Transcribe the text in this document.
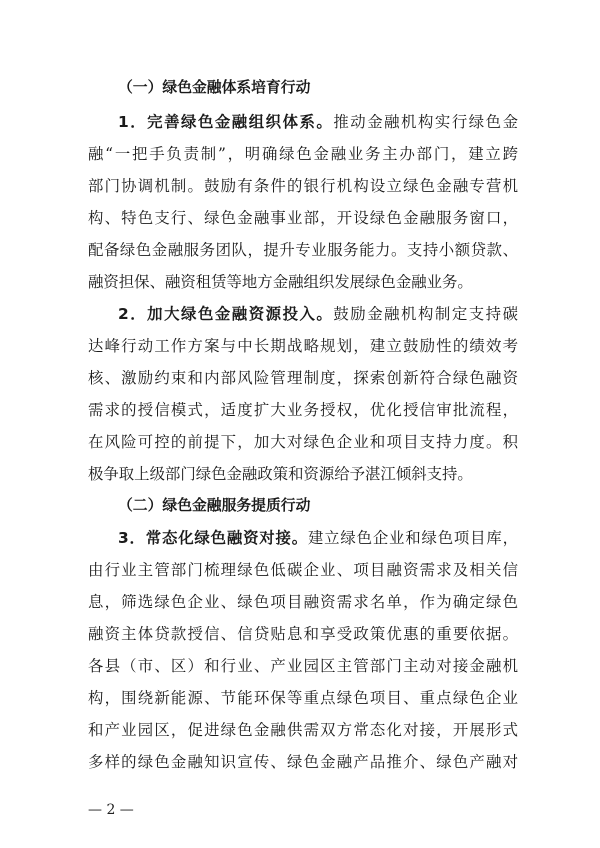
（一）绿色金融体系培育行动
1．完善绿色金融组织体系。推动金融机构实行绿色金
融“一把手负责制”，明确绿色金融业务主办部门，建立跨
部门协调机制。鼓励有条件的银行机构设立绿色金融专营机
构、特色支行、绿色金融事业部，开设绿色金融服务窗口，
配备绿色金融服务团队，提升专业服务能力。支持小额贷款、
融资担保、融资租赁等地方金融组织发展绿色金融业务。
2．加大绿色金融资源投入。鼓励金融机构制定支持碳
达峰行动工作方案与中长期战略规划，建立鼓励性的绩效考
核、激励约束和内部风险管理制度，探索创新符合绿色融资
需求的授信模式，适度扩大业务授权，优化授信审批流程，
在风险可控的前提下，加大对绿色企业和项目支持力度。积
极争取上级部门绿色金融政策和资源给予湛江倾斜支持。
（二）绿色金融服务提质行动
3．常态化绿色融资对接。建立绿色企业和绿色项目库，
由行业主管部门梳理绿色低碳企业、项目融资需求及相关信
息，筛选绿色企业、绿色项目融资需求名单，作为确定绿色
融资主体贷款授信、信贷贴息和享受政策优惠的重要依据。
各县（市、区）和行业、产业园区主管部门主动对接金融机
构，围绕新能源、节能环保等重点绿色项目、重点绿色企业
和产业园区，促进绿色金融供需双方常态化对接，开展形式
多样的绿色金融知识宣传、绿色金融产品推介、绿色产融对
— 2 —
